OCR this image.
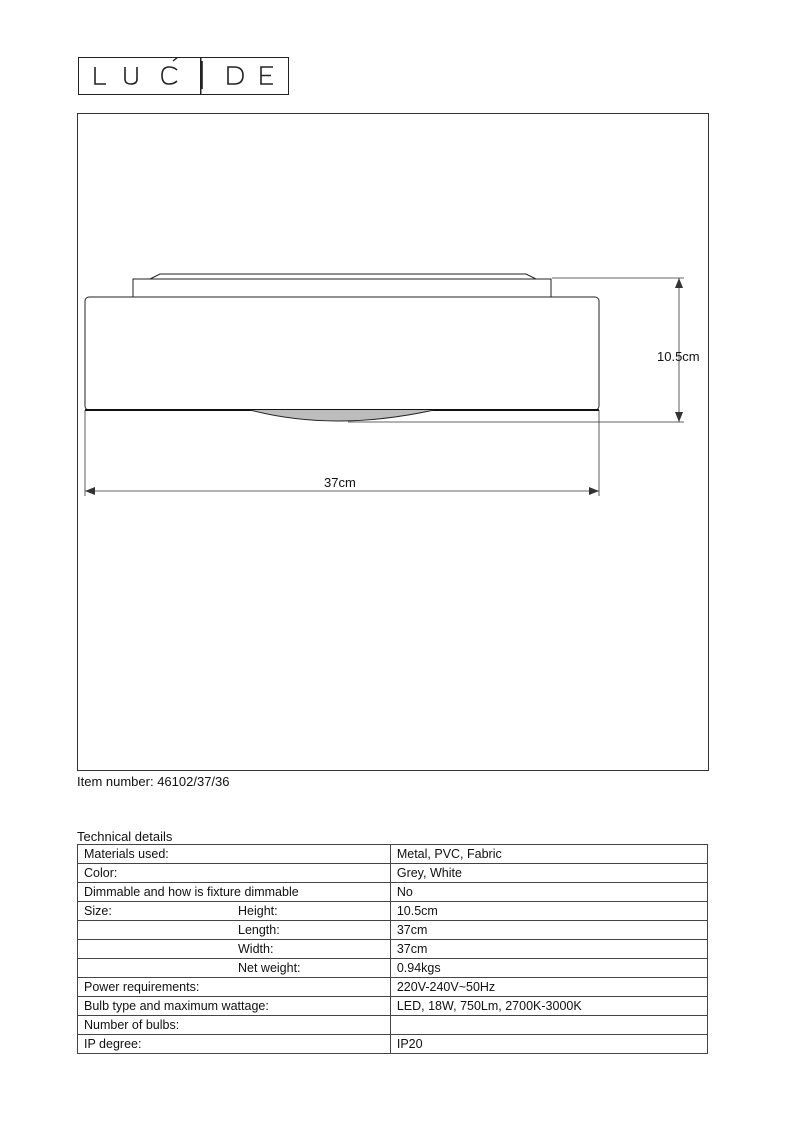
10.5cm
37cm
Item number: 46102/37/36
Technical details
Materials used:	Metal, PVC, Fabric

Color:	Grey, White

Dimmable and how is fixture dimmable	No

Size: Height:	10.5cm

Length:	37cm

Width:	37cm

Net weight:	0.94kgs

Power requirements:	220V-240V~50Hz

Bulb type and maximum wattage:	LED, 18W, 750Lm, 2700K-3000K

Number of bulbs:	

IP degree:	IP20
